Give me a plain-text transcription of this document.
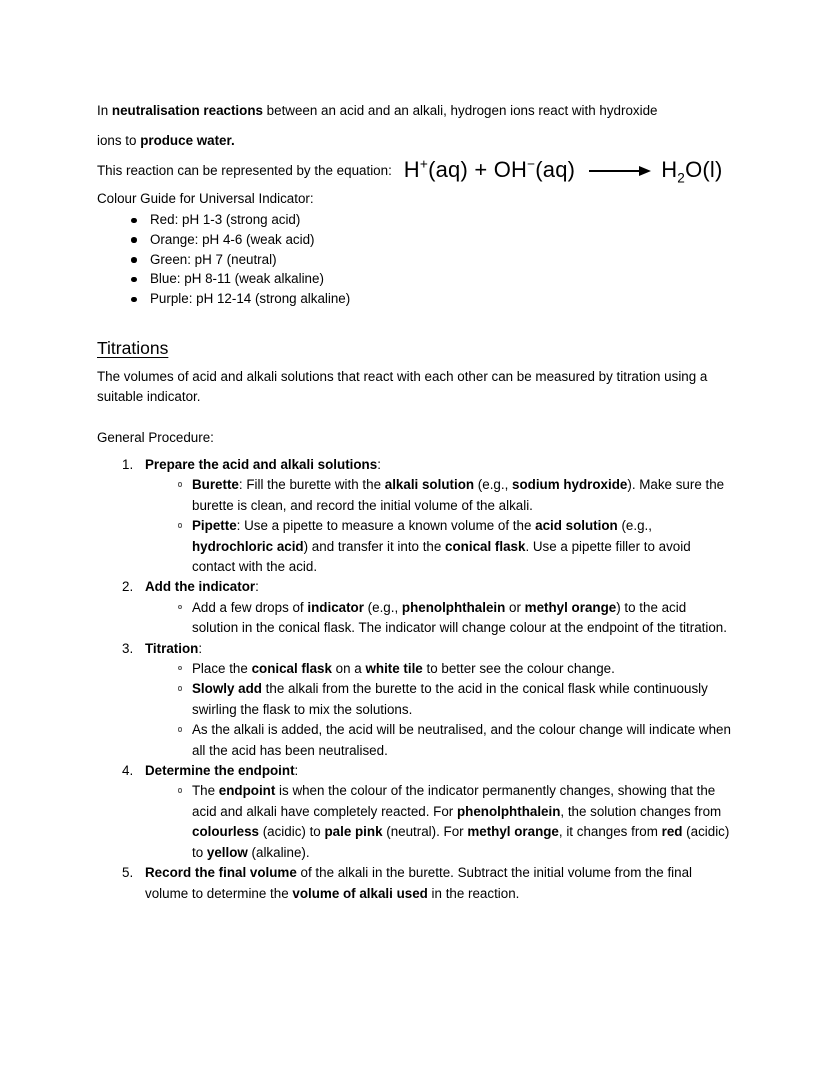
In neutralisation reactions between an acid and an alkali, hydrogen ions react with hydroxide
ions to produce water.
This reaction can be represented by the equation: H+(aq) + OH−(aq)	$H_2O(l)$
Colour Guide for Universal Indicator:
Red: pH 1-3 (strong acid)
Orange: pH 4-6 (weak acid)
Green: pH 7 (neutral)
Blue: pH 8-11 (weak alkaline)
Purple: pH 12-14 (strong alkaline)
Titrations

The volumes of acid and alkali solutions that react with each other can be measured by titration using a suitable indicator.

General Procedure:
1. Prepare the acid and alkali solutions:
Burette: Fill the burette with the alkali solution (e.g., sodium hydroxide). Make sure the burette is clean, and record the initial volume of the alkali.
Pipette: Use a pipette to measure a known volume of the acid solution (e.g., hydrochloric acid) and transfer it into the conical flask. Use a pipette filler to avoid contact with the acid.
2. Add the indicator:
Add a few drops of indicator (e.g., phenolphthalein or methyl orange) to the acid solution in the conical flask. The indicator will change colour at the endpoint of the titration.
3. Titration:
Place the conical flask on a white tile to better see the colour change.
Slowly add the alkali from the burette to the acid in the conical flask while continuously swirling the flask to mix the solutions.
As the alkali is added, the acid will be neutralised, and the colour change will indicate when all the acid has been neutralised.
4. Determine the endpoint:
The endpoint is when the colour of the indicator permanently changes, showing that the acid and alkali have completely reacted. For phenolphthalein, the solution changes from colourless (acidic) to pale pink (neutral). For methyl orange, it changes from red (acidic) to yellow (alkaline).
5. Record the final volume of the alkali in the burette. Subtract the initial volume from the final volume to determine the volume of alkali used in the reaction.
